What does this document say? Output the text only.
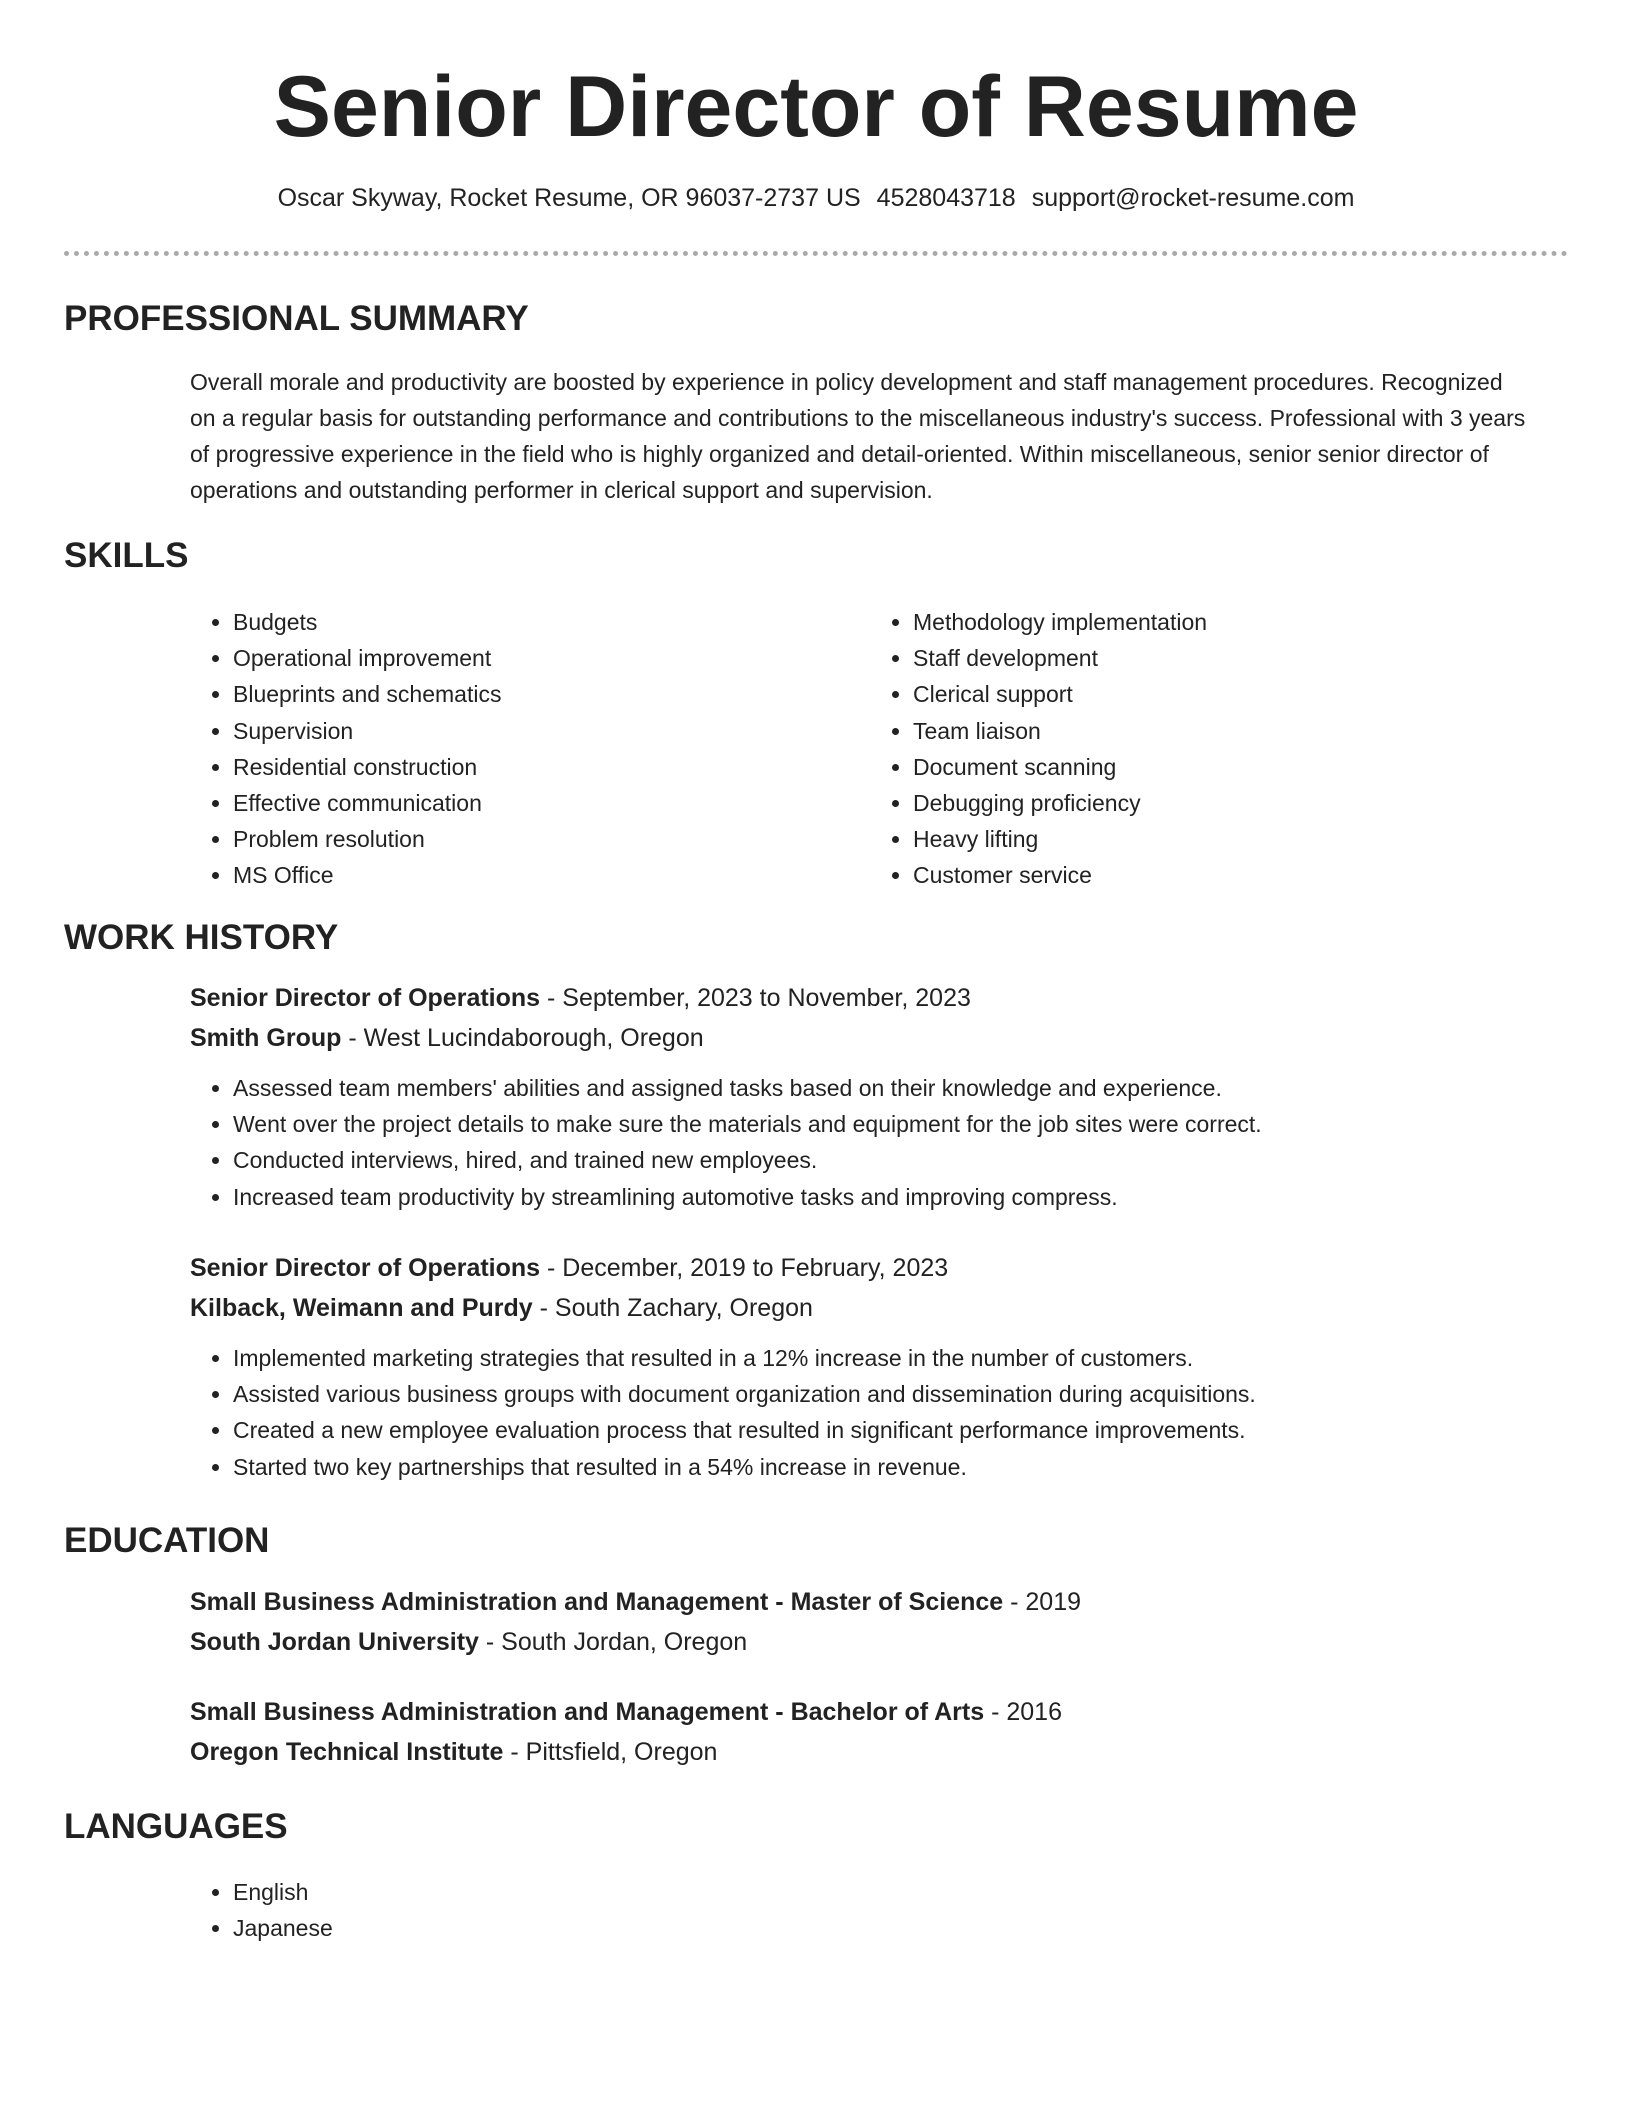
Senior Director of Resume
Oscar Skyway, Rocket Resume, OR 96037-2737 US 4528043718 support@rocket-resume.com
PROFESSIONAL SUMMARY

Overall morale and productivity are boosted by experience in policy development and staff management procedures. Recognized on a regular basis for outstanding performance and contributions to the miscellaneous industry's success. Professional with 3 years of progressive experience in the field who is highly organized and detail-oriented. Within miscellaneous, senior senior director of operations and outstanding performer in clerical support and supervision.

SKILLS
• Budgets
• Operational improvement
• Blueprints and schematics
• Supervision
• Residential construction
• Effective communication
• Problem resolution
• MS Office
• Methodology implementation
• Staff development
• Clerical support
• Team liaison
• Document scanning
• Debugging proficiency
• Heavy lifting
• Customer service
WORK HISTORY
Senior Director of Operations - September, 2023 to November, 2023
Smith Group - West Lucindaborough, Oregon
• Assessed team members' abilities and assigned tasks based on their knowledge and experience.
• Went over the project details to make sure the materials and equipment for the job sites were correct.
• Conducted interviews, hired, and trained new employees.
• Increased team productivity by streamlining automotive tasks and improving compress.
Senior Director of Operations - December, 2019 to February, 2023
Kilback, Weimann and Purdy - South Zachary, Oregon
• Implemented marketing strategies that resulted in a 12% increase in the number of customers.
• Assisted various business groups with document organization and dissemination during acquisitions.
• Created a new employee evaluation process that resulted in significant performance improvements.
• Started two key partnerships that resulted in a 54% increase in revenue.
EDUCATION
Small Business Administration and Management - Master of Science - 2019
South Jordan University - South Jordan, Oregon
Small Business Administration and Management - Bachelor of Arts - 2016
Oregon Technical Institute - Pittsfield, Oregon
LANGUAGES
• English
• Japanese
